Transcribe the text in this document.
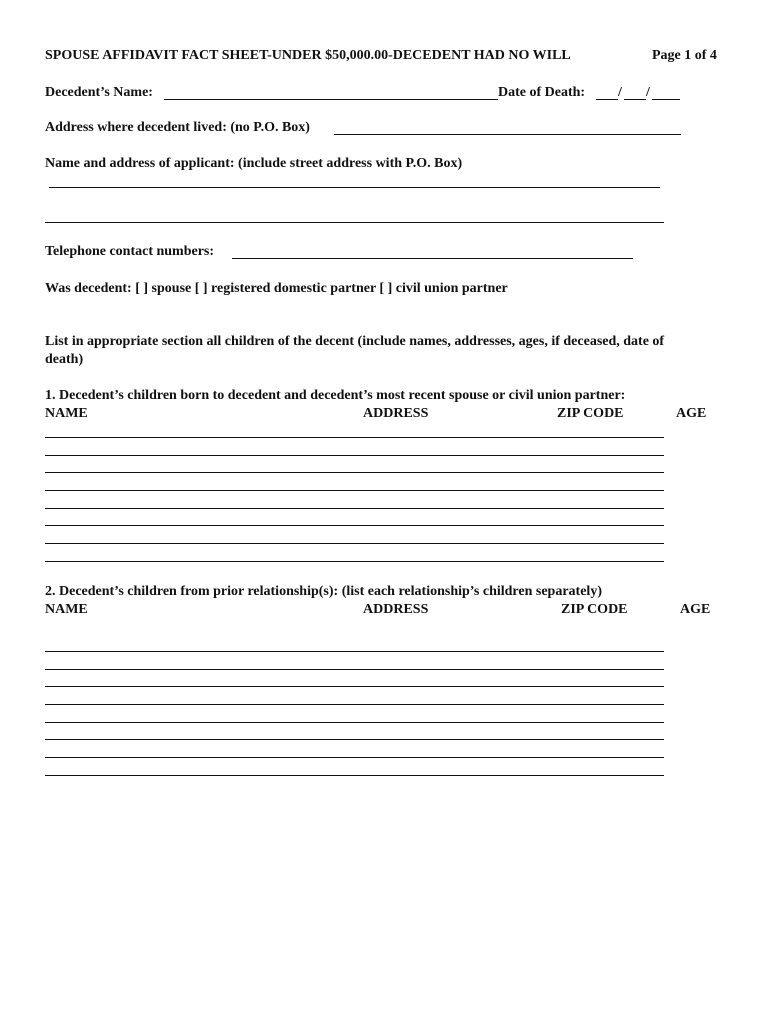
SPOUSE AFFIDAVIT FACT SHEET-UNDER $50,000.00-DECEDENT HAD NO WILL	Page 1 of 4
Decedent’s Name:	Date of Death: / /
Address where decedent lived: (no P.O. Box)
Name and address of applicant: (include street address with P.O. Box)
Telephone contact numbers:
Was decedent: [ ] spouse [ ] registered domestic partner [ ] civil union partner
List in appropriate section all children of the decent (include names, addresses, ages, if deceased, date of
death)
1. Decedent’s children born to decedent and decedent’s most recent spouse or civil union partner:
NAME	ADDRESS	ZIP CODE	AGE
2. Decedent’s children from prior relationship(s): (list each relationship’s children separately)
NAME	ADDRESS	ZIP CODE	AGE
